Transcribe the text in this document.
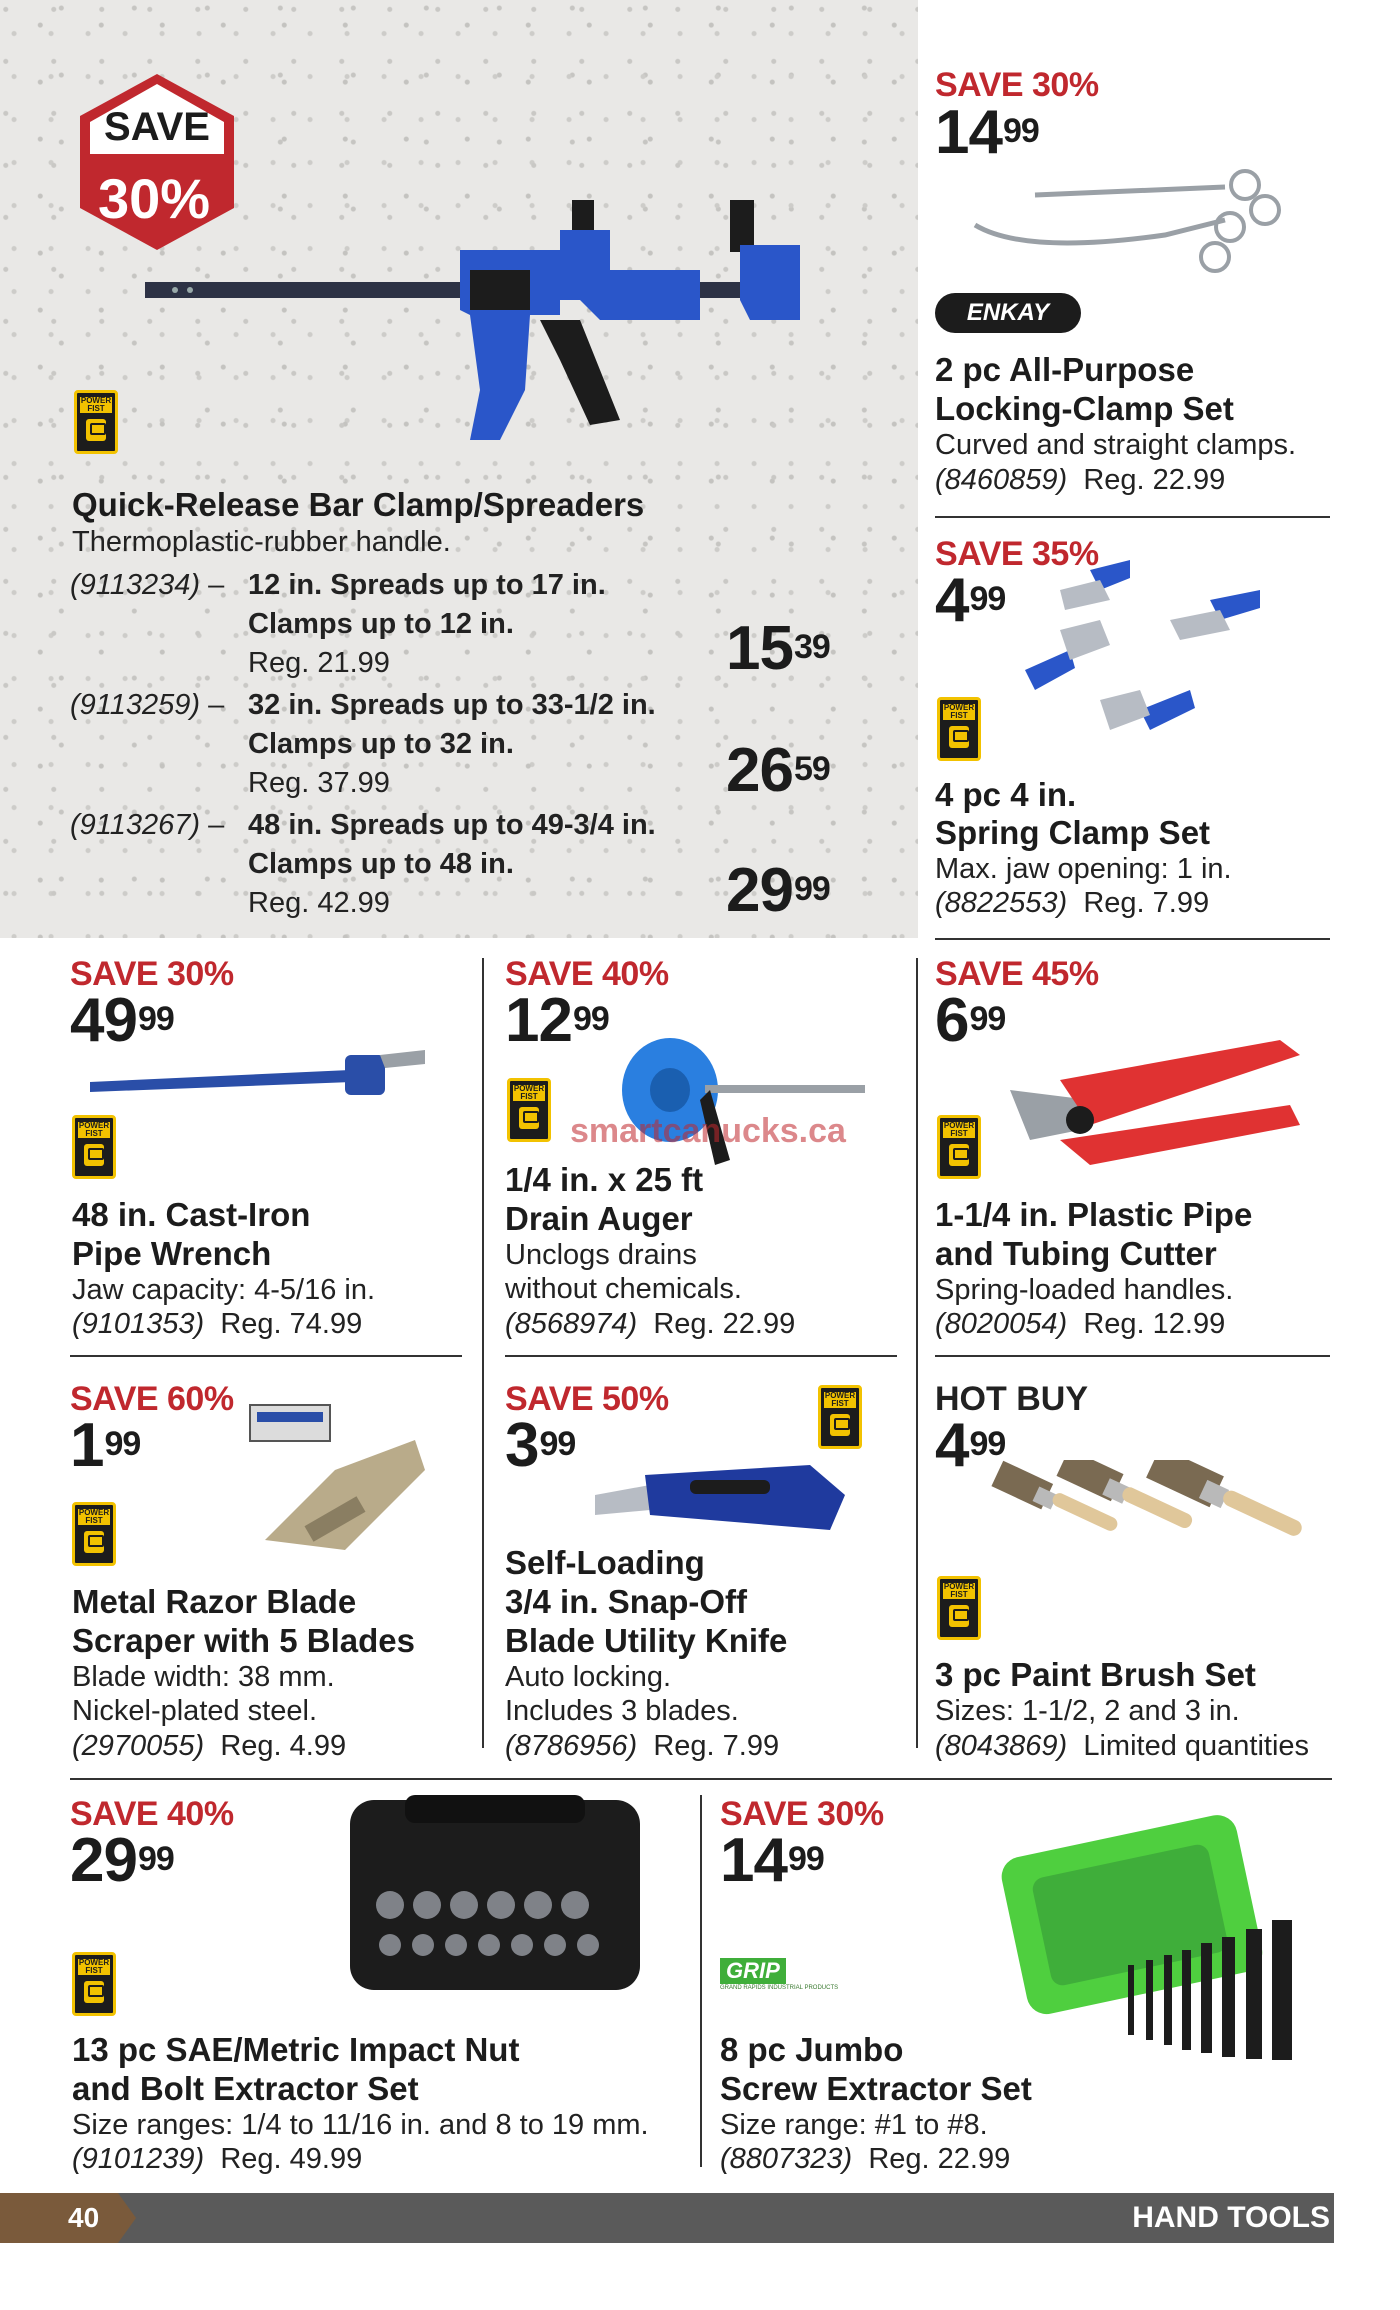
SAVE
30%
POWER FIST
Quick-Release Bar Clamp/Spreaders
Thermoplastic-rubber handle.
(9113234) – 12 in. Spreads up to 17 in.
Clamps up to 12 in.
Reg. 21.99	$15^{39}$
(9113259) – 32 in. Spreads up to 33-1/2 in.
Clamps up to 32 in.
Reg. 37.99	$26^{59}$
(9113267) – 48 in. Spreads up to 49-3/4 in.
Clamps up to 48 in.
Reg. 42.99	$29^{99}$
SAVE 30%
$14^{99}$
ENKAY
2 pc All-Purpose
Locking-Clamp Set
Curved and straight clamps.
(8460859) Reg. 22.99
SAVE 35%
$4^{99}$
POWER FIST
4 pc 4 in.
Spring Clamp Set
Max. jaw opening: 1 in.
(8822553) Reg. 7.99
SAVE 30%
$49^{99}$
POWER FIST
48 in. Cast-Iron
Pipe Wrench
Jaw capacity: 4-5/16 in.
(9101353) Reg. 74.99
SAVE 40%
$12^{99}$
smartcanucks.ca
POWER FIST
1/4 in. x 25 ft
Drain Auger
Unclogs drains
without chemicals.
(8568974) Reg. 22.99
SAVE 45%
$6^{99}$
POWER FIST
1-1/4 in. Plastic Pipe
and Tubing Cutter
Spring-loaded handles.
(8020054) Reg. 12.99
SAVE 60%
$1^{99}$
POWER FIST
Metal Razor Blade
Scraper with 5 Blades
Blade width: 38 mm.
Nickel-plated steel.
(2970055) Reg. 4.99
SAVE 50%
$3^{99}$
POWER FIST
Self-Loading
3/4 in. Snap-Off
Blade Utility Knife
Auto locking.
Includes 3 blades.
(8786956) Reg. 7.99
HOT BUY
$4^{99}$
POWER FIST
3 pc Paint Brush Set
Sizes: 1-1/2, 2 and 3 in.
(8043869) Limited quantities
SAVE 40%
$29^{99}$
POWER FIST
13 pc SAE/Metric Impact Nut
and Bolt Extractor Set
Size ranges: 1/4 to 11/16 in. and 8 to 19 mm.
(9101239) Reg. 49.99
SAVE 30%
$14^{99}$
GRIP
GRAND RAPIDS INDUSTRIAL PRODUCTS
8 pc Jumbo
Screw Extractor Set
Size range: #1 to #8.
(8807323) Reg. 22.99
40	HAND TOOLS
